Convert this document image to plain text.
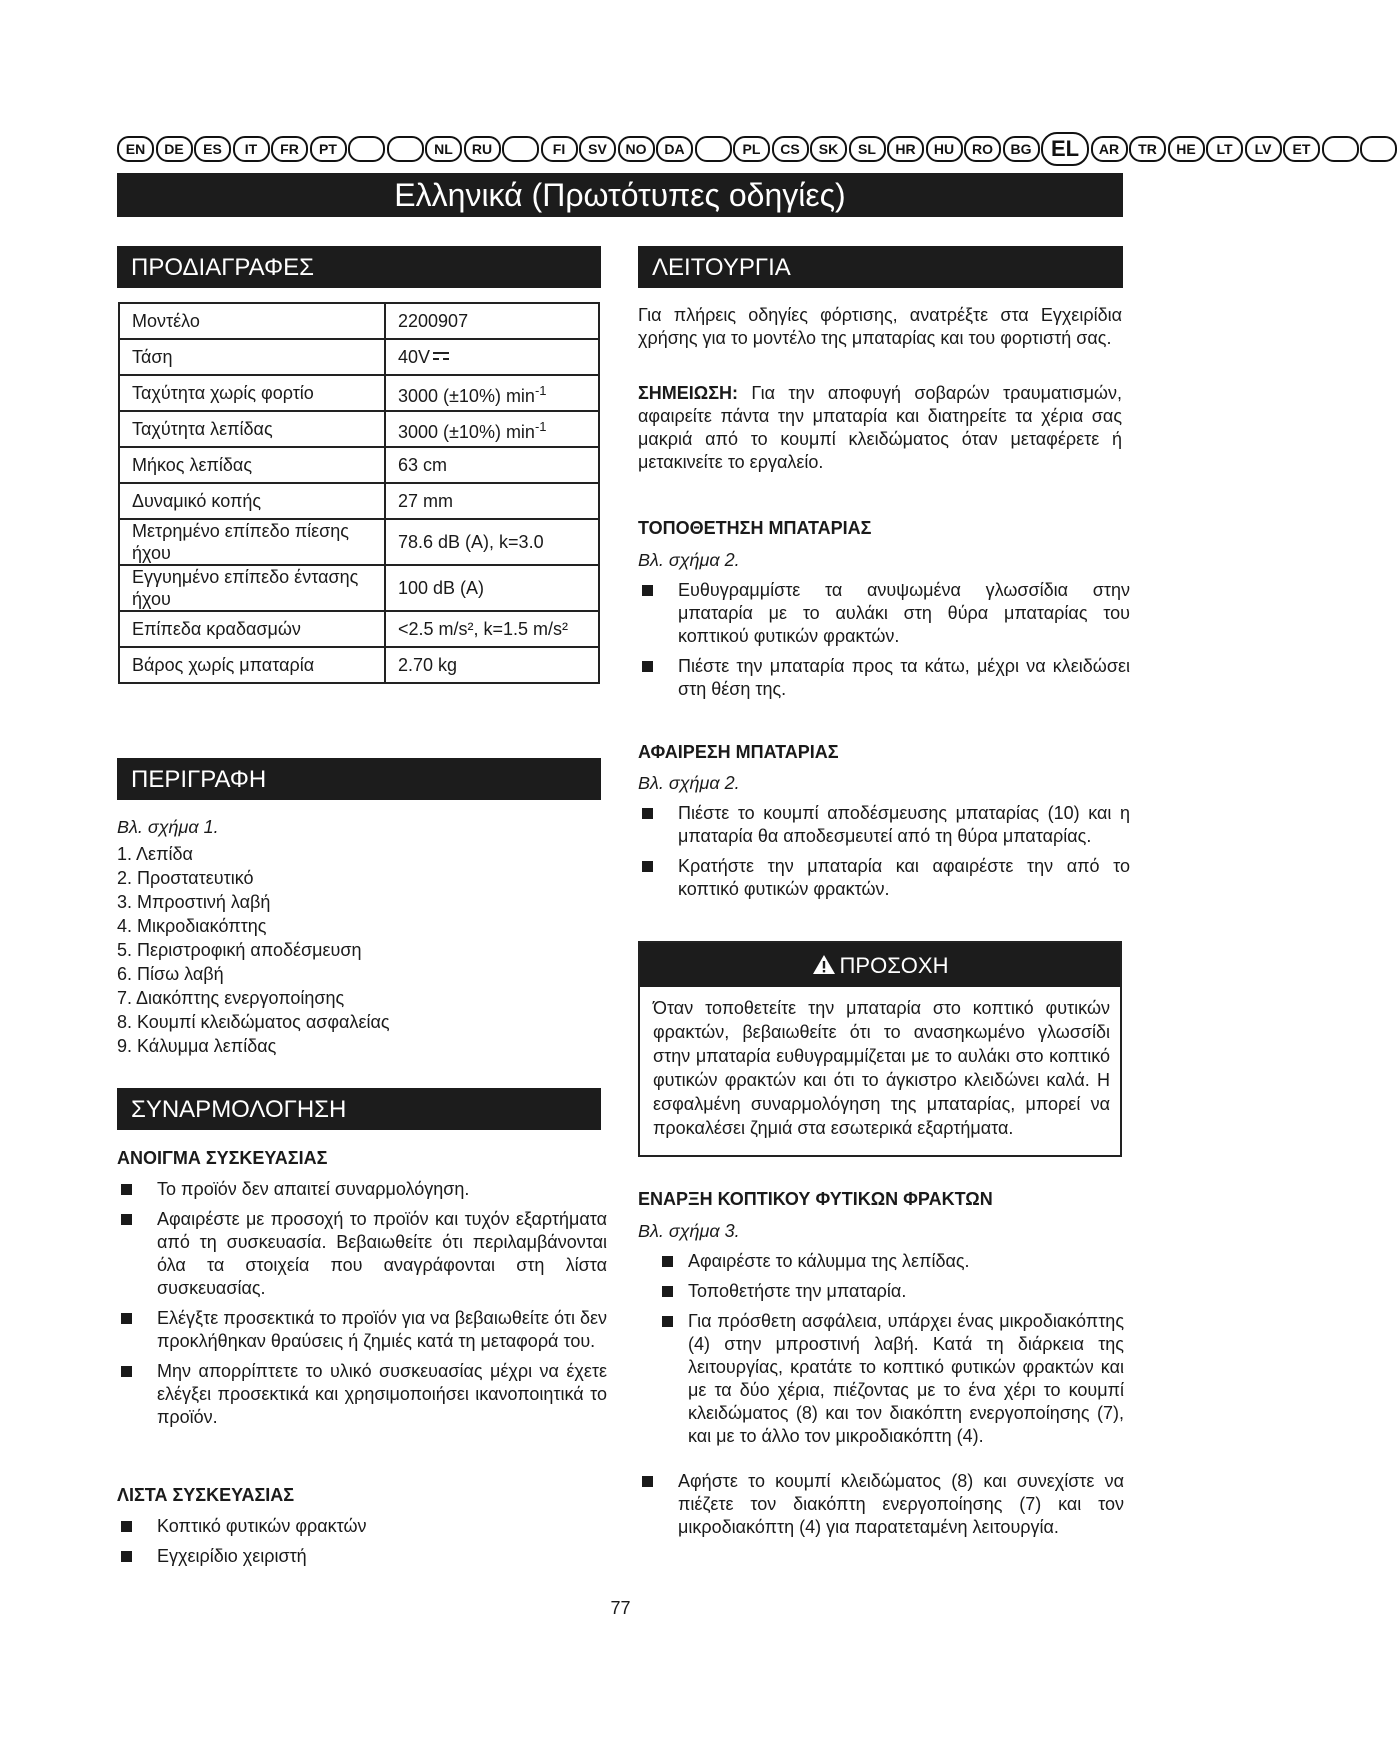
EN	DE	ES	IT	FR	PT	NL	RU	FI	SV	NO	DA	PL	CS	SK	SL	HR	HU	RO	BG EL	AR	TR	HE	LT	LV	ET
Ελληνικά (Πρωτότυπες οδηγίες)
ΠΡΟΔΙΑΓΡΑΦΕΣ
Μοντέλο	2200907
Τάση	40V

Ταχύτητα χωρίς φορτίο	3000 (±10%) $\min^{-1}$
Ταχύτητα λεπίδας	3000 (±10%) $\min^{-1}$
Μήκος λεπίδας	63 cm
Δυναμικό κοπής	27 mm
Μετρημένο επίπεδο πίεσης ήχου	78.6 dB (A), k=3.0
Εγγυημένο επίπεδο έντασης ήχου	100 dB (A)
Επίπεδα κραδασμών	<2.5 m/s², k=1.5 m/s²
Βάρος χωρίς μπαταρία	2.70 kg
ΠΕΡΙΓΡΑΦΗ
Βλ. σχήμα 1.
1. Λεπίδα
2. Προστατευτικό
3. Μπροστινή λαβή
4. Μικροδιακόπτης
5. Περιστροφική αποδέσμευση
6. Πίσω λαβή
7. Διακόπτης ενεργοποίησης
8. Κουμπί κλειδώματος ασφαλείας
9. Κάλυμμα λεπίδας
ΣΥΝΑΡΜΟΛΟΓΗΣΗ
ΑΝΟΙΓΜΑ ΣΥΣΚΕΥΑΣΙΑΣ
Το προϊόν δεν απαιτεί συναρμολόγηση.
Αφαιρέστε με προσοχή το προϊόν και τυχόν εξαρτήματα από τη συσκευασία. Βεβαιωθείτε ότι περιλαμβάνονται όλα τα στοιχεία που αναγράφονται στη λίστα συσκευασίας.
Ελέγξτε προσεκτικά το προϊόν για να βεβαιωθείτε ότι δεν προκλήθηκαν θραύσεις ή ζημιές κατά τη μεταφορά του.
Μην απορρίπτετε το υλικό συσκευασίας μέχρι να έχετε ελέγξει προσεκτικά και χρησιμοποιήσει ικανοποιητικά το προϊόν.
ΛΙΣΤΑ ΣΥΣΚΕΥΑΣΙΑΣ
Κοπτικό φυτικών φρακτών
Εγχειρίδιο χειριστή
ΛΕΙΤΟΥΡΓΙΑ
Για πλήρεις οδηγίες φόρτισης, ανατρέξτε στα Εγχειρίδια χρήσης για το μοντέλο της μπαταρίας και του φορτιστή σας.
ΣΗΜΕΙΩΣΗ: Για την αποφυγή σοβαρών τραυματισμών, αφαιρείτε πάντα την μπαταρία και διατηρείτε τα χέρια σας μακριά από το κουμπί κλειδώματος όταν μεταφέρετε ή μετακινείτε το εργαλείο.
ΤΟΠΟΘΕΤΗΣΗ ΜΠΑΤΑΡΙΑΣ
Βλ. σχήμα 2.
Ευθυγραμμίστε τα ανυψωμένα γλωσσίδια στην μπαταρία με το αυλάκι στη θύρα μπαταρίας του κοπτικού φυτικών φρακτών.
Πιέστε την μπαταρία προς τα κάτω, μέχρι να κλειδώσει στη θέση της.
ΑΦΑΙΡΕΣΗ ΜΠΑΤΑΡΙΑΣ
Βλ. σχήμα 2.
Πιέστε το κουμπί αποδέσμευσης μπαταρίας (10) και η μπαταρία θα αποδεσμευτεί από τη θύρα μπαταρίας.
Κρατήστε την μπαταρία και αφαιρέστε την από το κοπτικό φυτικών φρακτών.
ΠΡΟΣΟΧΗ
Όταν τοποθετείτε την μπαταρία στο κοπτικό φυτικών φρακτών, βεβαιωθείτε ότι το ανασηκωμένο γλωσσίδι στην μπαταρία ευθυγραμμίζεται με το αυλάκι στο κοπτικό φυτικών φρακτών και ότι το άγκιστρο κλειδώνει καλά. Η εσφαλμένη συναρμολόγηση της μπαταρίας, μπορεί να προκαλέσει ζημιά στα εσωτερικά εξαρτήματα.
ΕΝΑΡΞΗ ΚΟΠΤΙΚΟΥ ΦΥΤΙΚΩΝ ΦΡΑΚΤΩΝ
Βλ. σχήμα 3.
Αφαιρέστε το κάλυμμα της λεπίδας.
Τοποθετήστε την μπαταρία.
Για πρόσθετη ασφάλεια, υπάρχει ένας μικροδιακόπτης (4) στην μπροστινή λαβή. Κατά τη διάρκεια της λειτουργίας, κρατάτε το κοπτικό φυτικών φρακτών και με τα δύο χέρια, πιέζοντας με το ένα χέρι το κουμπί κλειδώματος (8) και τον διακόπτη ενεργοποίησης (7), και με το άλλο τον μικροδιακόπτη (4).
Αφήστε το κουμπί κλειδώματος (8) και συνεχίστε να πιέζετε τον διακόπτη ενεργοποίησης (7) και τον μικροδιακόπτη (4) για παρατεταμένη λειτουργία.
77
